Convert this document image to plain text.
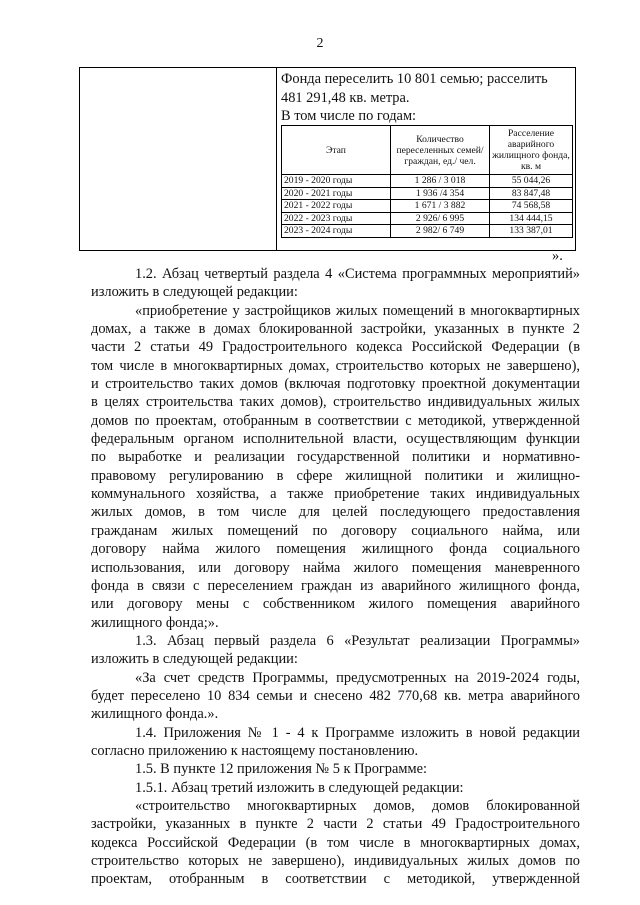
2
Фонда переселить 10 801 семью; расселить
481 291,48 кв. метра.
В том числе по годам:
Этап	Количество переселенных семей/граждан, ед./ чел.	Расселение аварийного жилищного фонда, кв. м
2019 - 2020 годы	1 286 / 3 018	55 044,26
2020 - 2021 годы	1 936 /4 354	83 847,48
2021 - 2022 годы	1 671 / 3 882	74 568,58
2022 - 2023 годы	2 926/ 6 995	134 444,15
2023 - 2024 годы	2 982/ 6 749	133 387,01
».

1.2. Абзац четвертый раздела 4 «Система программных мероприятий»

изложить в следующей редакции:

«приобретение у застройщиков жилых помещений в многоквартирных

домах, а также в домах блокированной застройки, указанных в пункте 2

части 2 статьи 49 Градостроительного кодекса Российской Федерации (в

том числе в многоквартирных домах, строительство которых не завершено),

и строительство таких домов (включая подготовку проектной документации

в целях строительства таких домов), строительство индивидуальных жилых

домов по проектам, отобранным в соответствии с методикой, утвержденной

федеральным органом исполнительной власти, осуществляющим функции

по выработке и реализации государственной политики и нормативно-

правовому регулированию в сфере жилищной политики и жилищно-

коммунального хозяйства, а также приобретение таких индивидуальных

жилых домов, в том числе для целей последующего предоставления

гражданам жилых помещений по договору социального найма, или

договору найма жилого помещения жилищного фонда социального

использования, или договору найма жилого помещения маневренного

фонда в связи с переселением граждан из аварийного жилищного фонда,

или договору мены с собственником жилого помещения аварийного

жилищного фонда;».

1.3. Абзац первый раздела 6 «Результат реализации Программы»

изложить в следующей редакции:

«За счет средств Программы, предусмотренных на 2019-2024 годы,

будет переселено 10 834 семьи и снесено 482 770,68 кв. метра аварийного

жилищного фонда.».

1.4. Приложения № 1 - 4 к Программе изложить в новой редакции

согласно приложению к настоящему постановлению.

1.5. В пункте 12 приложения № 5 к Программе:

1.5.1. Абзац третий изложить в следующей редакции:

«строительство многоквартирных домов, домов блокированной

застройки, указанных в пункте 2 части 2 статьи 49 Градостроительного

кодекса Российской Федерации (в том числе в многоквартирных домах,

строительство которых не завершено), индивидуальных жилых домов по

проектам, отобранным в соответствии с методикой, утвержденной
